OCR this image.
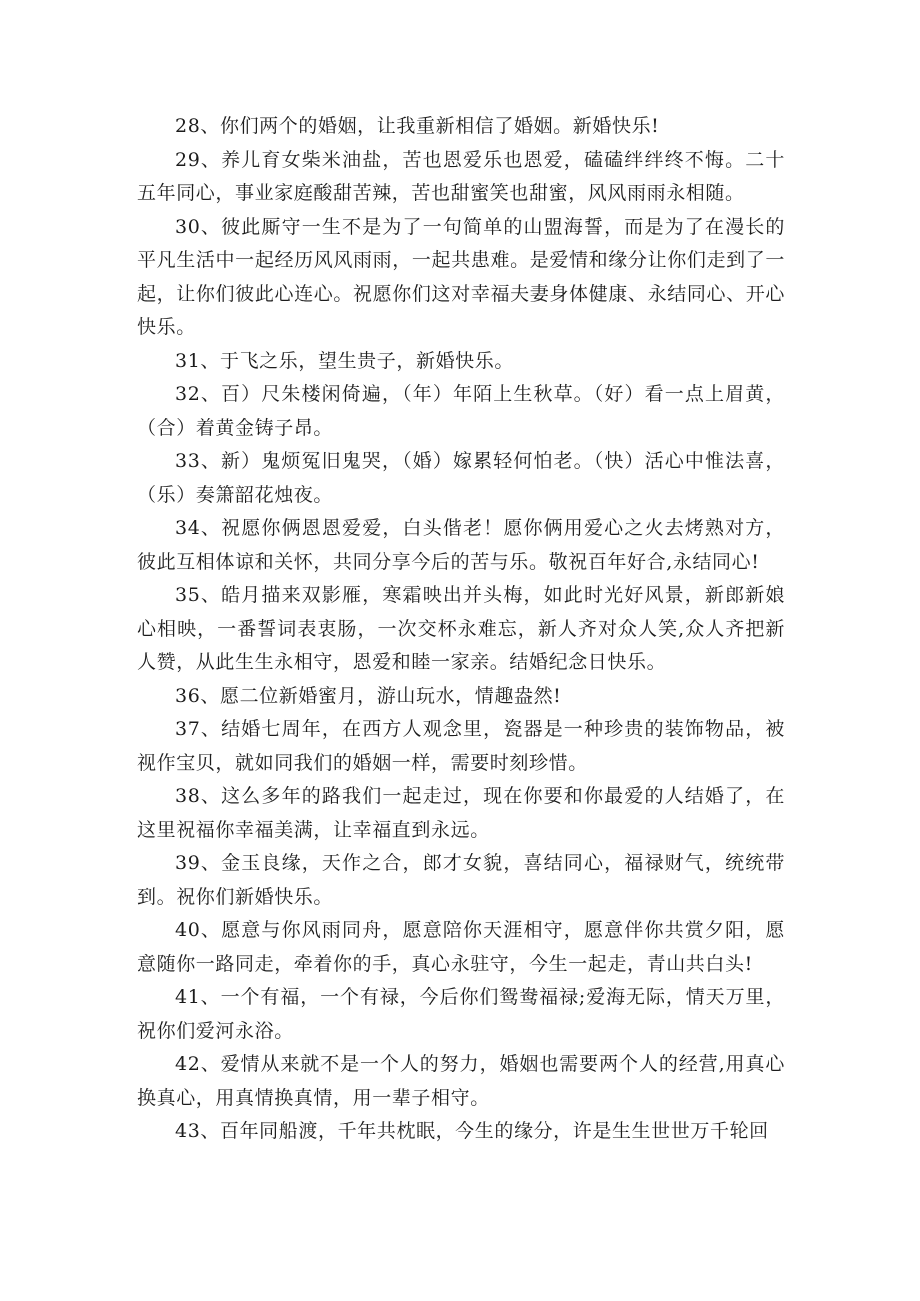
28、你们两个的婚姻，让我重新相信了婚姻。新婚快乐!

29、养儿育女柴米油盐，苦也恩爱乐也恩爱，磕磕绊绊终不悔。二十五年同心，事业家庭酸甜苦辣，苦也甜蜜笑也甜蜜，风风雨雨永相随。

30、彼此厮守一生不是为了一句简单的山盟海誓，而是为了在漫长的平凡生活中一起经历风风雨雨，一起共患难。是爱情和缘分让你们走到了一起，让你们彼此心连心。祝愿你们这对幸福夫妻身体健康、永结同心、开心快乐。

31、于飞之乐，望生贵子，新婚快乐。

32、百）尺朱楼闲倚遍，（年）年陌上生秋草。（好）看一点上眉黄，（合）着黄金铸子昂。

33、新）鬼烦冤旧鬼哭，（婚）嫁累轻何怕老。（快）活心中惟法喜，（乐）奏箫韶花烛夜。

34、祝愿你俩恩恩爱爱，白头偕老！愿你俩用爱心之火去烤熟对方，彼此互相体谅和关怀，共同分享今后的苦与乐。敬祝百年好合,永结同心!

35、皓月描来双影雁，寒霜映出并头梅，如此时光好风景，新郎新娘心相映，一番誓词表衷肠，一次交杯永难忘，新人齐对众人笑,众人齐把新人赞，从此生生永相守，恩爱和睦一家亲。结婚纪念日快乐。

36、愿二位新婚蜜月，游山玩水，情趣盎然!

37、结婚七周年，在西方人观念里，瓷器是一种珍贵的装饰物品，被视作宝贝，就如同我们的婚姻一样，需要时刻珍惜。

38、这么多年的路我们一起走过，现在你要和你最爱的人结婚了，在这里祝福你幸福美满，让幸福直到永远。

39、金玉良缘，天作之合，郎才女貌，喜结同心，福禄财气，统统带到。祝你们新婚快乐。

40、愿意与你风雨同舟，愿意陪你天涯相守，愿意伴你共赏夕阳，愿意随你一路同走，牵着你的手，真心永驻守，今生一起走，青山共白头!

41、一个有福，一个有禄，今后你们鸳鸯福禄;爱海无际，情天万里，祝你们爱河永浴。

42、爱情从来就不是一个人的努力，婚姻也需要两个人的经营,用真心换真心，用真情换真情，用一辈子相守。

43、百年同船渡，千年共枕眠，今生的缘分，许是生生世世万千轮回
